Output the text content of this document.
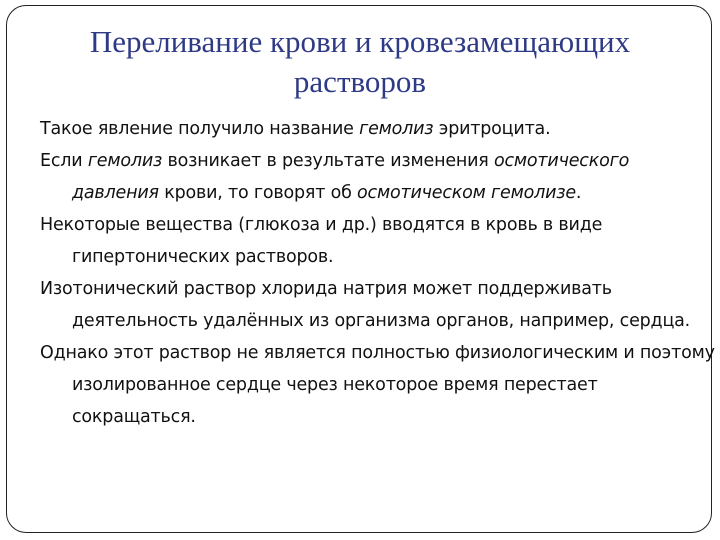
Переливание крови и кровезамещающих растворов
Такое явление получило название гемолиз эритроцита.
Если гемолиз возникает в результате изменения осмотического давления крови, то говорят об осмотическом гемолизе.
Некоторые вещества (глюкоза и др.) вводятся в кровь в виде гипертонических растворов.
Изотонический раствор хлорида натрия может поддерживать деятельность удалённых из организма органов, например, сердца.
Однако этот раствор не является полностью физиологическим и поэтому изолированное сердце через некоторое время перестает сокращаться.
